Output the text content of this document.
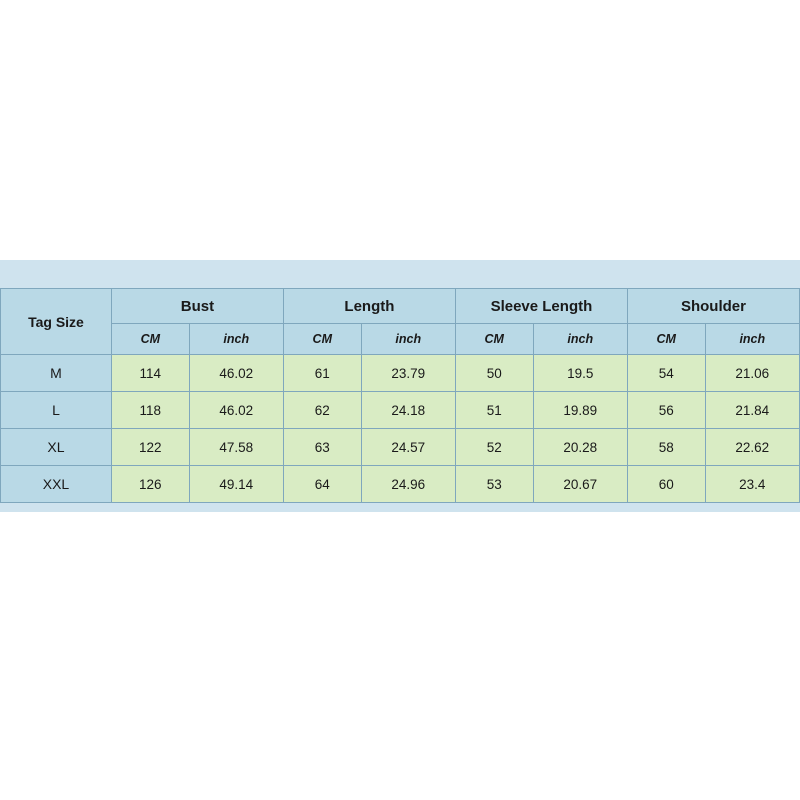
Tag Size	Bust		Length		Sleeve Length		Shoulder	
	CM	inch	CM	inch	CM	inch	CM	inch
M	114	46.02	61	23.79	50	19.5	54	21.06
L	118	46.02	62	24.18	51	19.89	56	21.84
XL	122	47.58	63	24.57	52	20.28	58	22.62
XXL	126	49.14	64	24.96	53	20.67	60	23.4
